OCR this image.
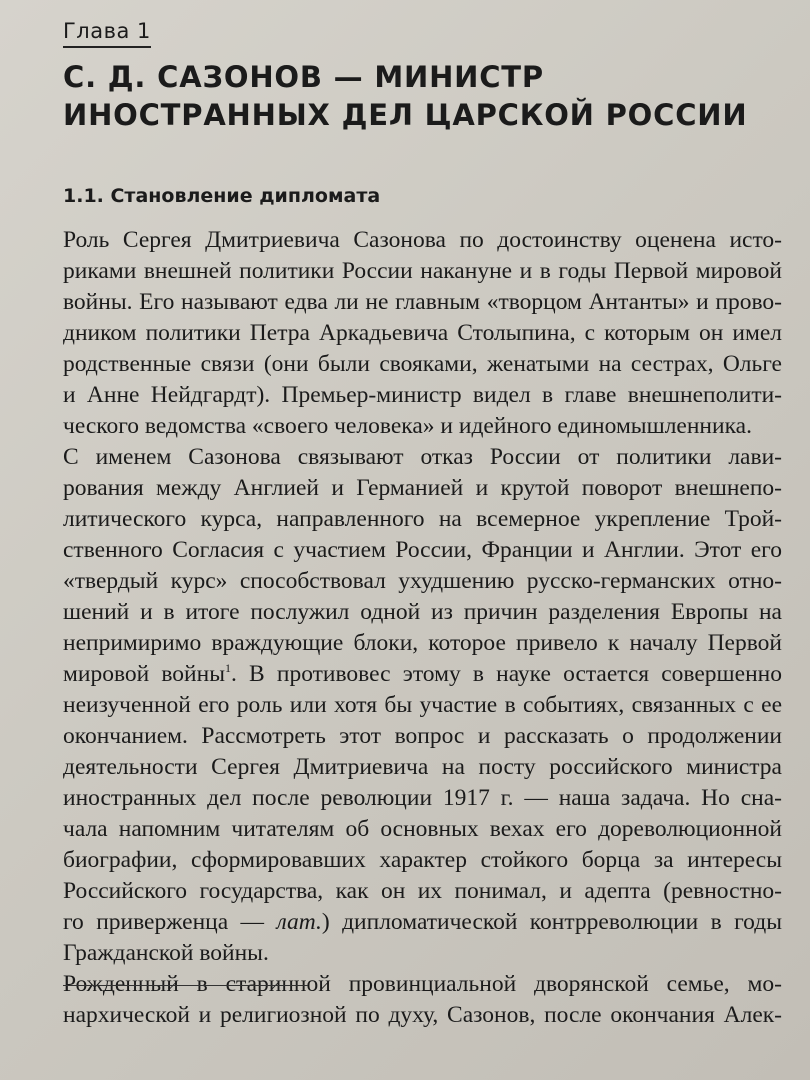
Глава 1
С. Д. САЗОНОВ — МИНИСТР
ИНОСТРАННЫХ ДЕЛ ЦАРСКОЙ РОССИИ
1.1. Становление дипломата
Роль Сергея Дмитриевича Сазонова по достоинству оценена исто-
риками внешней политики России накануне и в годы Первой мировой
войны. Его называют едва ли не главным «творцом Антанты» и прово-
дником политики Петра Аркадьевича Столыпина, с которым он имел
родственные связи (они были свояками, женатыми на сестрах, Ольге
и Анне Нейдгардт). Премьер-министр видел в главе внешнеполити-
ческого ведомства «своего человека» и идейного единомышленника.
С именем Сазонова связывают отказ России от политики лави-
рования между Англией и Германией и крутой поворот внешнепо-
литического курса, направленного на всемерное укрепление Трой-
ственного Согласия с участием России, Франции и Англии. Этот его
«твердый курс» способствовал ухудшению русско-германских отно-
шений и в итоге послужил одной из причин разделения Европы на
непримиримо враждующие блоки, которое привело к началу Первой
мировой войны$^1$. В противовес этому в науке остается совершенно
неизученной его роль или хотя бы участие в событиях, связанных с ее
окончанием. Рассмотреть этот вопрос и рассказать о продолжении
деятельности Сергея Дмитриевича на посту российского министра
иностранных дел после революции 1917 г. — наша задача. Но сна-
чала напомним читателям об основных вехах его дореволюционной
биографии, сформировавших характер стойкого борца за интересы
Российского государства, как он их понимал, и адепта (ревностно-
го приверженца — лат.) дипломатической контрреволюции в годы
Гражданской войны.
Рожденный в старинной провинциальной дворянской семье, мо-
нархической и религиозной по духу, Сазонов, после окончания Алек-
